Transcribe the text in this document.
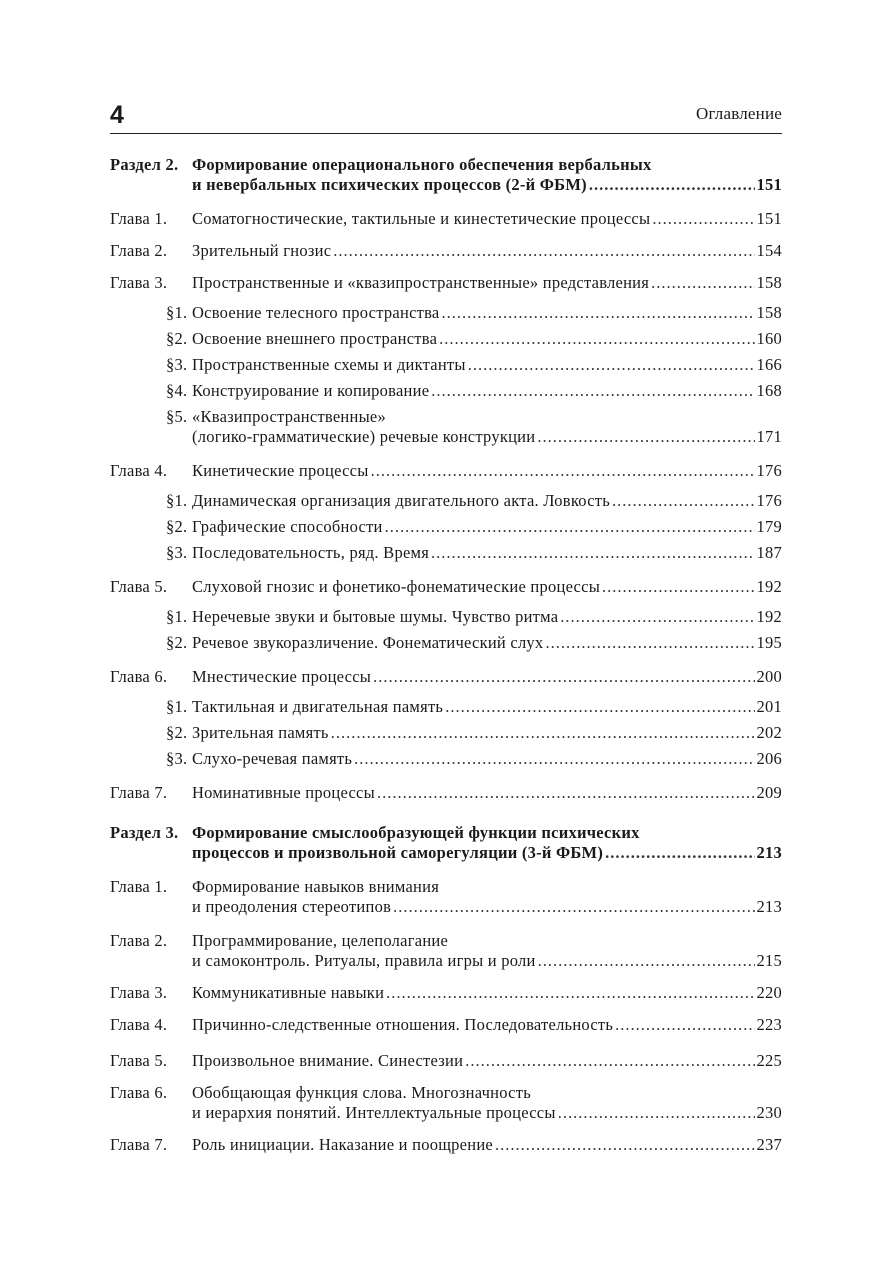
4	Оглавление
Раздел 2. Формирование операционального обеспечения вербальных
и невербальных психических процессов (2-й ФБМ) .....	151
Глава 1.	Соматогностические, тактильные и кинестетические процессы .....	151
Глава 2.	Зрительный гнозис .....	154
Глава 3.	Пространственные и «квазипространственные» представления .....	158
§1. Освоение телесного пространства .....	158
§2. Освоение внешнего пространства .....	160
§3. Пространственные схемы и диктанты .....	166
§4. Конструирование и копирование .....	168
§5. «Квазипространственные»
(логико-грамматические) речевые конструкции .....	171
Глава 4.	Кинетические процессы .....	176
§1. Динамическая организация двигательного акта. Ловкость .....	176
§2. Графические способности .....	179
§3. Последовательность, ряд. Время .....	187
Глава 5.	Слуховой гнозис и фонетико-фонематические процессы .....	192
§1. Неречевые звуки и бытовые шумы. Чувство ритма .....	192
§2. Речевое звукоразличение. Фонематический слух .....	195
Глава 6.	Мнестические процессы .....	200
§1. Тактильная и двигательная память .....	201
§2. Зрительная память .....	202
§3. Слухо-речевая память .....	206
Глава 7.	Номинативные процессы .....	209
Раздел 3. Формирование смыслообразующей функции психических
процессов и произвольной саморегуляции (3-й ФБМ) .....	213
Глава 1.	Формирование навыков внимания
и преодоления стереотипов .....	213
Глава 2.	Программирование, целеполагание
и самоконтроль. Ритуалы, правила игры и роли .....	215
Глава 3.	Коммуникативные навыки .....	220
Глава 4.	Причинно-следственные отношения. Последовательность .....	223
Глава 5.	Произвольное внимание. Синестезии .....	225
Глава 6.	Обобщающая функция слова. Многозначность
и иерархия понятий. Интеллектуальные процессы .....	230
Глава 7.	Роль инициации. Наказание и поощрение .....	237
